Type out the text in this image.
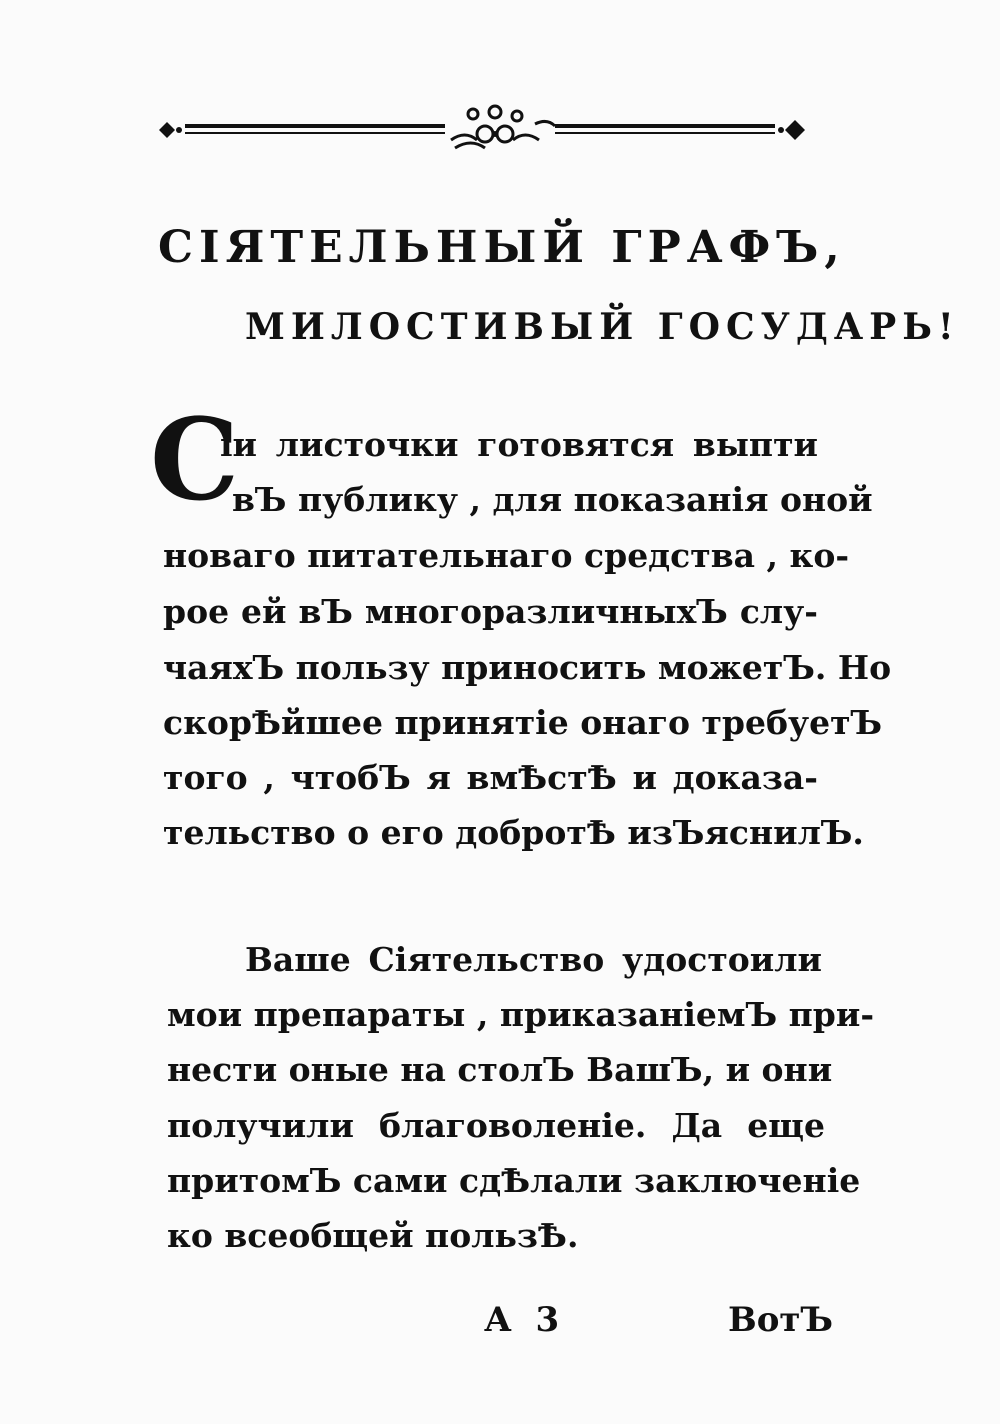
СІЯТЕЛЬНЫЙ ГРАФЪ,
МИЛОСТИВЫЙ ГОСУДАРЬ!
С
іи листочки готовятся выпти
вЪ публику , для показанія оной
новаго питательнаго средства , ко-
рое ей вЪ многоразличныхЪ слу-
чаяхЪ пользу приносить можетЪ. Но
скорѢйшее принятіе онаго требуетЪ
того , чтобЪ я вмѢстѢ и доказа-
тельство о его добротѢ изЪяснилЪ.
Ваше Сіятельство удостоили
мои препараты , приказаніемЪ при-
нести оные на столЪ ВашЪ, и они
получили благоволеніе. Да еще
притомЪ сами сдѢлали заключеніе
ко всеобщей пользѢ.
А 3	ВотЪ
